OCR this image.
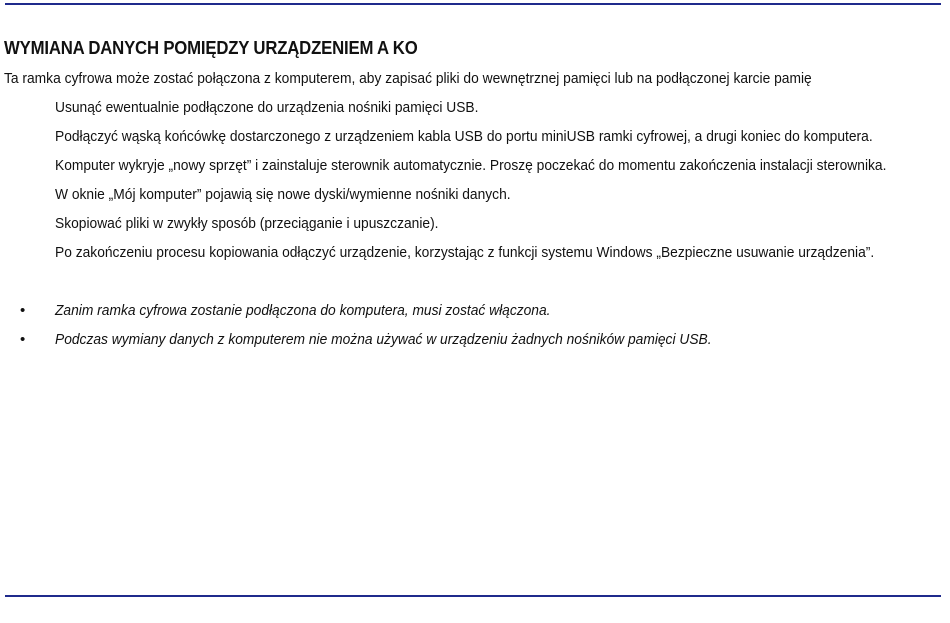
WYMIANA DANYCH POMIĘDZY URZĄDZENIEM A KO
Ta ramka cyfrowa może zostać połączona z komputerem, aby zapisać pliki do wewnętrznej pamięci lub na podłączonej karcie pamię
Usunąć ewentualnie podłączone do urządzenia nośniki pamięci USB.
Podłączyć wąską końcówkę dostarczonego z urządzeniem kabla USB do portu miniUSB ramki cyfrowej, a drugi koniec do komputera.
Komputer wykryje „nowy sprzęt” i zainstaluje sterownik automatycznie. Proszę poczekać do momentu zakończenia instalacji sterownika.
W oknie „Mój komputer” pojawią się nowe dyski/wymienne nośniki danych.
Skopiować pliki w zwykły sposób (przeciąganie i upuszczanie).
Po zakończeniu procesu kopiowania odłączyć urządzenie, korzystając z funkcji systemu Windows „Bezpieczne usuwanie urządzenia”.
• Zanim ramka cyfrowa zostanie podłączona do komputera, musi zostać włączona.
• Podczas wymiany danych z komputerem nie można używać w urządzeniu żadnych nośników pamięci USB.
